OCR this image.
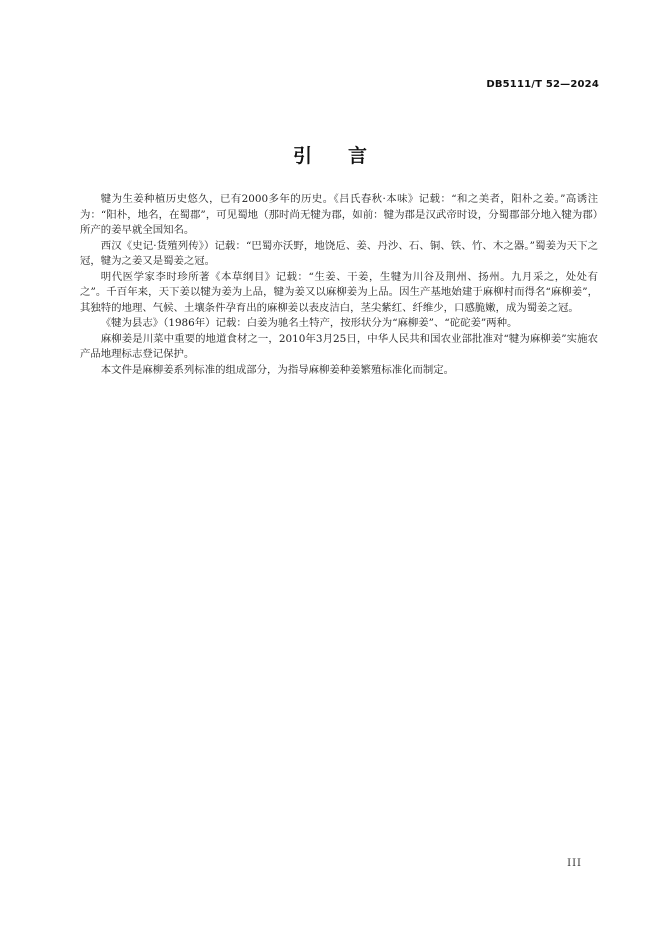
DB5111/T 52—2024
引 言

犍为生姜种植历史悠久，已有2000多年的历史。《吕氏春秋·本味》记载：“和之美者，阳朴之姜。”高诱注为：“阳朴，地名，在蜀郡”，可见蜀地（那时尚无犍为郡，如前：犍为郡是汉武帝时设，分蜀郡部分地入犍为郡）所产的姜早就全国知名。

西汉《史记·货殖列传》）记载：“巴蜀亦沃野，地饶卮、姜、丹沙、石、铜、铁、竹、木之器。”蜀姜为天下之冠，犍为之姜又是蜀姜之冠。

明代医学家李时珍所著《本草纲目》记载：“生姜、干姜，生犍为川谷及荆州、扬州。九月采之，处处有之”。千百年来，天下姜以犍为姜为上品，犍为姜又以麻柳姜为上品。因生产基地始建于麻柳村而得名“麻柳姜”，其独特的地理、气候、土壤条件孕育出的麻柳姜以表皮洁白，茎尖紫红、纤维少，口感脆嫩，成为蜀姜之冠。

《犍为县志》（1986年）记载：白姜为驰名土特产，按形状分为“麻柳姜”、“砣砣姜”两种。

麻柳姜是川菜中重要的地道食材之一，2010年3月25日，中华人民共和国农业部批准对“犍为麻柳姜”实施农产品地理标志登记保护。

本文件是麻柳姜系列标准的组成部分，为指导麻柳姜种姜繁殖标准化而制定。

III
